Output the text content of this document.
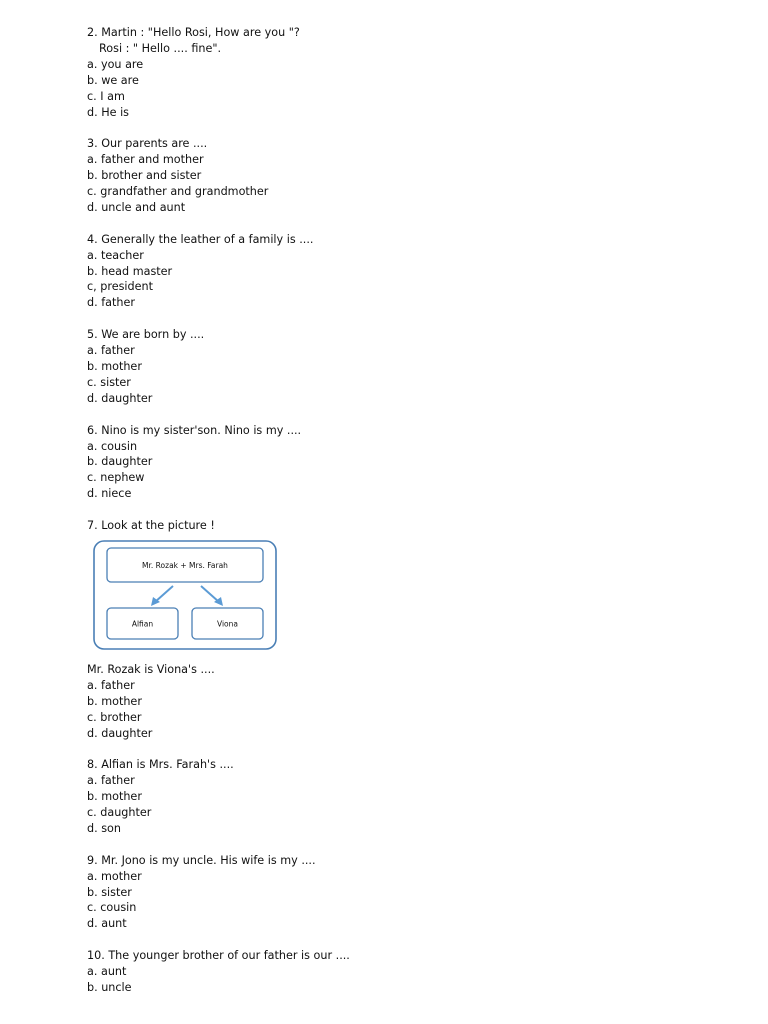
2. Martin : "Hello Rosi, How are you "?
Rosi : " Hello .... fine".
a. you are
b. we are
c. I am
d. He is
3. Our parents are ....
a. father and mother
b. brother and sister
c. grandfather and grandmother
d. uncle and aunt
4. Generally the leather of a family is ....
a. teacher
b. head master
c, president
d. father
5. We are born by ....
a. father
b. mother
c. sister
d. daughter
6. Nino is my sister'son. Nino is my ....
a. cousin
b. daughter
c. nephew
d. niece
7. Look at the picture !
Mr. Rozak + Mrs. Farah
Alfian	Viona
Mr. Rozak is Viona's ....
a. father
b. mother
c. brother
d. daughter
8. Alfian is Mrs. Farah's ....
a. father
b. mother
c. daughter
d. son
9. Mr. Jono is my uncle. His wife is my ....
a. mother
b. sister
c. cousin
d. aunt
10. The younger brother of our father is our ....
a. aunt
b. uncle
